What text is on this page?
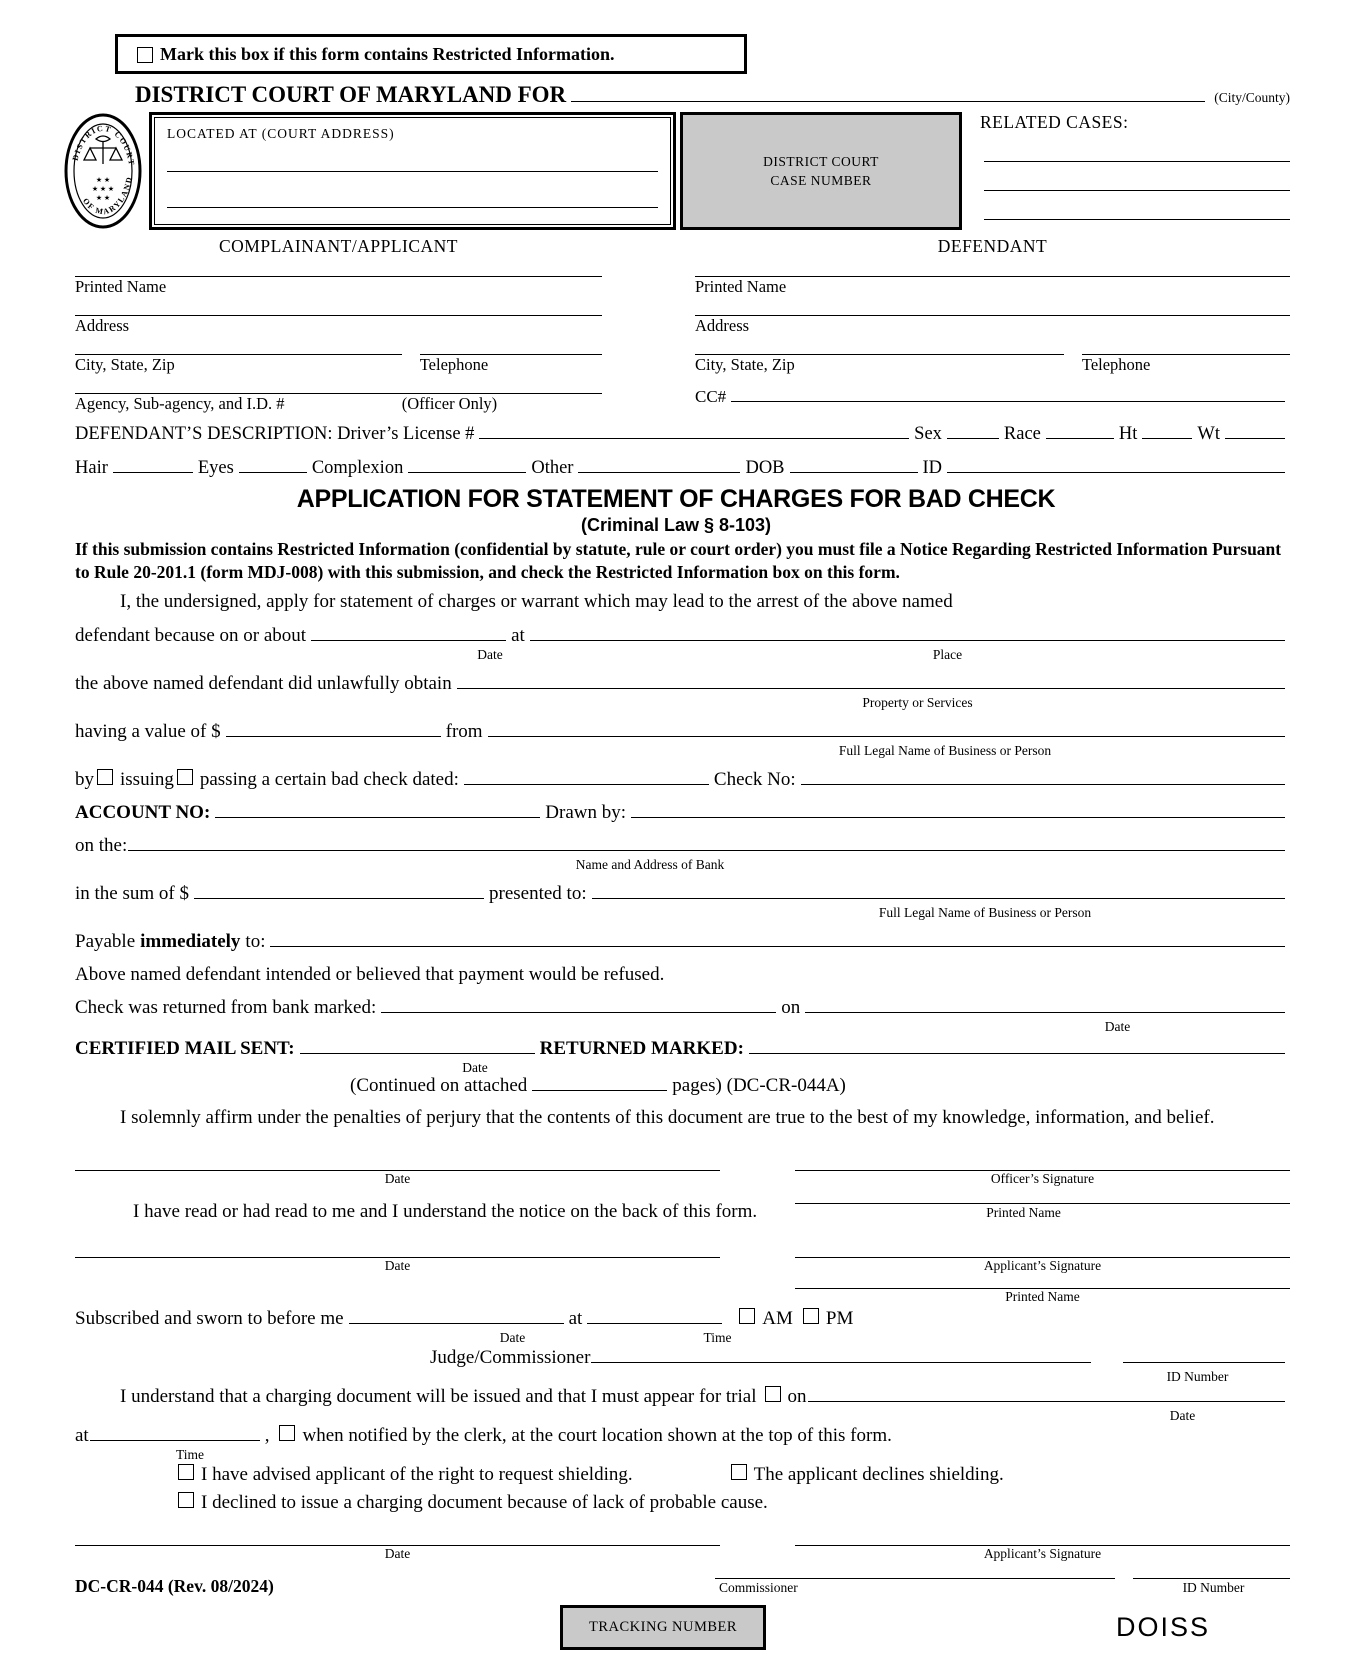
Mark this box if this form contains Restricted Information.
DISTRICT COURT OF MARYLAND FOR	(City/County)
DISTRICT COURT
OF MARYLAND
★ ★
★ ★ ★
★ ★
LOCATED AT (COURT ADDRESS)
DISTRICT COURT
CASE NUMBER
RELATED CASES:
COMPLAINANT/APPLICANT	DEFENDANT
Printed Name
Address
City, State, Zip	Telephone
Agency, Sub-agency, and I.D. #	(Officer Only)
Printed Name
Address
City, State, Zip	Telephone
CC#
DEFENDANT’S DESCRIPTION: Driver’s License #	Sex	Race	Ht	Wt
Hair	Eyes	Complexion	Other	DOB	ID
APPLICATION FOR STATEMENT OF CHARGES FOR BAD CHECK
(Criminal Law § 8-103)
If this submission contains Restricted Information (confidential by statute, rule or court order) you must file a Notice Regarding Restricted Information Pursuant to Rule 20-201.1 (form MDJ-008) with this submission, and check the Restricted Information box on this form.
I, the undersigned, apply for statement of charges or warrant which may lead to the arrest of the above named
defendant because on or about	at
Date	Place
the above named defendant did unlawfully obtain
Property or Services
having a value of $	from
Full Legal Name of Business or Person
by issuing passing a certain bad check dated:	Check No:
ACCOUNT NO:	Drawn by:
on the:
Name and Address of Bank
in the sum of $	presented to:
Full Legal Name of Business or Person
Payable immediately to:
Above named defendant intended or believed that payment would be refused.
Check was returned from bank marked:	on
Date
CERTIFIED MAIL SENT:	RETURNED MARKED:
Date
(Continued on attached	pages) (DC-CR-044A)
I solemnly affirm under the penalties of perjury that the contents of this document are true to the best of my knowledge, information, and belief.
Date	Officer’s Signature
I have read or had read to me and I understand the notice on the back of this form.	Printed Name
Date	Applicant’s Signature
Printed Name
Subscribed and sworn to before me	at	AM PM
Date	Time
Judge/Commissioner
ID Number
I understand that a charging document will be issued and that I must appear for trial on
Date
at	, when notified by the clerk, at the court location shown at the top of this form.
Time
I have advised applicant of the right to request shielding.	The applicant declines shielding.
I declined to issue a charging document because of lack of probable cause.
Date	Applicant’s Signature
DC-CR-044 (Rev. 08/2024)	Commissioner	ID Number
TRACKING NUMBER	DOISS
